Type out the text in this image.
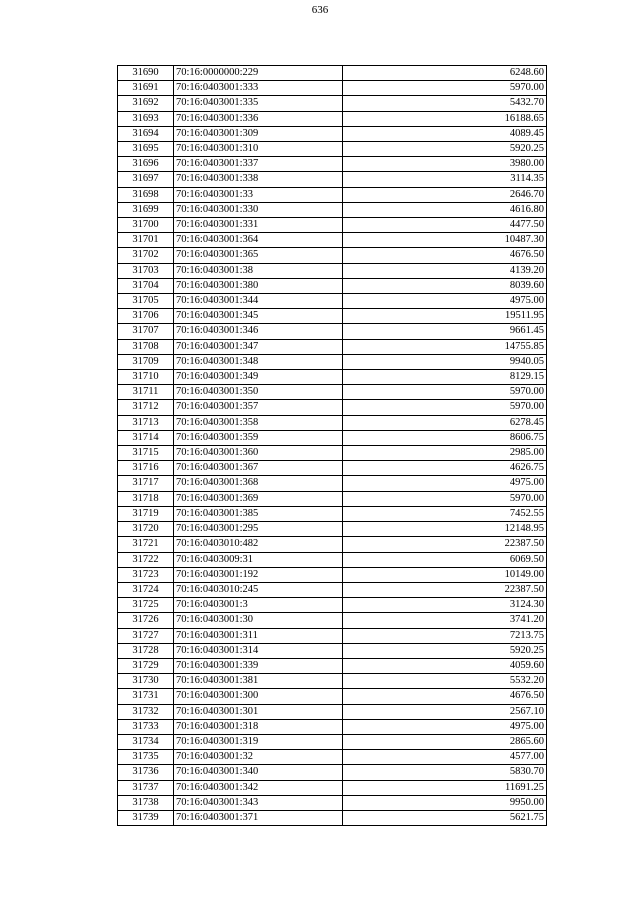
636
31690	70:16:0000000:229	6248.60
31691	70:16:0403001:333	5970.00
31692	70:16:0403001:335	5432.70
31693	70:16:0403001:336	16188.65
31694	70:16:0403001:309	4089.45
31695	70:16:0403001:310	5920.25
31696	70:16:0403001:337	3980.00
31697	70:16:0403001:338	3114.35
31698	70:16:0403001:33	2646.70
31699	70:16:0403001:330	4616.80
31700	70:16:0403001:331	4477.50
31701	70:16:0403001:364	10487.30
31702	70:16:0403001:365	4676.50
31703	70:16:0403001:38	4139.20
31704	70:16:0403001:380	8039.60
31705	70:16:0403001:344	4975.00
31706	70:16:0403001:345	19511.95
31707	70:16:0403001:346	9661.45
31708	70:16:0403001:347	14755.85
31709	70:16:0403001:348	9940.05
31710	70:16:0403001:349	8129.15
31711	70:16:0403001:350	5970.00
31712	70:16:0403001:357	5970.00
31713	70:16:0403001:358	6278.45
31714	70:16:0403001:359	8606.75
31715	70:16:0403001:360	2985.00
31716	70:16:0403001:367	4626.75
31717	70:16:0403001:368	4975.00
31718	70:16:0403001:369	5970.00
31719	70:16:0403001:385	7452.55
31720	70:16:0403001:295	12148.95
31721	70:16:0403010:482	22387.50
31722	70:16:0403009:31	6069.50
31723	70:16:0403001:192	10149.00
31724	70:16:0403010:245	22387.50
31725	70:16:0403001:3	3124.30
31726	70:16:0403001:30	3741.20
31727	70:16:0403001:311	7213.75
31728	70:16:0403001:314	5920.25
31729	70:16:0403001:339	4059.60
31730	70:16:0403001:381	5532.20
31731	70:16:0403001:300	4676.50
31732	70:16:0403001:301	2567.10
31733	70:16:0403001:318	4975.00
31734	70:16:0403001:319	2865.60
31735	70:16:0403001:32	4577.00
31736	70:16:0403001:340	5830.70
31737	70:16:0403001:342	11691.25
31738	70:16:0403001:343	9950.00
31739	70:16:0403001:371	5621.75
